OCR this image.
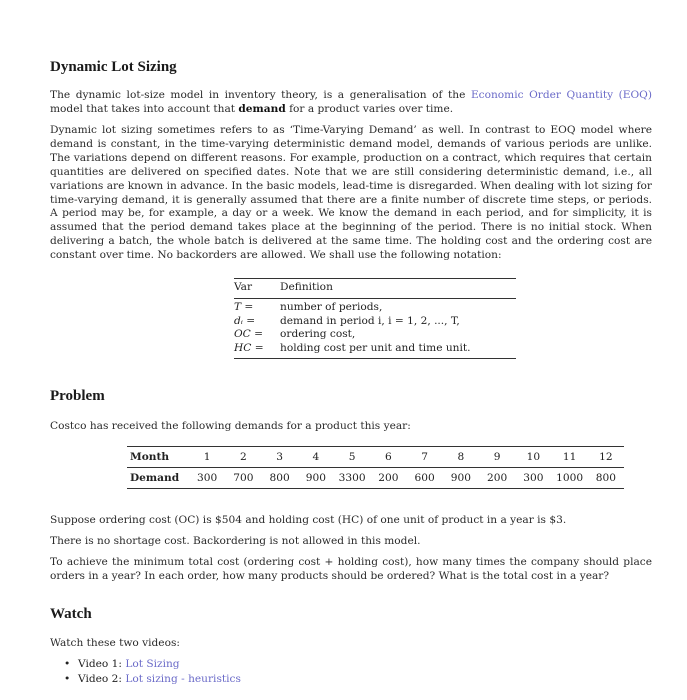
Dynamic Lot Sizing

The dynamic lot-size model in inventory theory, is a generalisation of the Economic Order Quantity (EOQ) model that takes into account that demand for a product varies over time.

Dynamic lot sizing sometimes refers to as ‘Time-Varying Demand’ as well. In contrast to EOQ model where demand is constant, in the time-varying deterministic demand model, demands of various periods are unlike. The variations depend on different reasons. For example, production on a contract, which requires that certain quantities are delivered on specified dates. Note that we are still considering deterministic demand, i.e., all variations are known in advance. In the basic models, lead-time is disregarded. When dealing with lot sizing for time-varying demand, it is generally assumed that there are a finite number of discrete time steps, or periods. A period may be, for example, a day or a week. We know the demand in each period, and for simplicity, it is assumed that the period demand takes place at the beginning of the period. There is no initial stock. When delivering a batch, the whole batch is delivered at the same time. The holding cost and the ordering cost are constant over time. No backorders are allowed. We shall use the following notation:

Var	Definition
T =	number of periods,
dᵢ =	demand in period i, i = 1, 2, ..., T,
OC =	ordering cost,
HC =	holding cost per unit and time unit.
Problem

Costco has received the following demands for a product this year:

Month	1	2	3	4	5	6	7	8	9	10	11	12
Demand	300	700	800	900	3300	200	600	900	200	300	1000	800

Suppose ordering cost (OC) is $504 and holding cost (HC) of one unit of product in a year is $3.

There is no shortage cost. Backordering is not allowed in this model.

To achieve the minimum total cost (ordering cost + holding cost), how many times the company should place orders in a year? In each order, how many products should be ordered? What is the total cost in a year?

Watch

Watch these two videos:

• Video 1: Lot Sizing
• Video 2: Lot sizing - heuristics
